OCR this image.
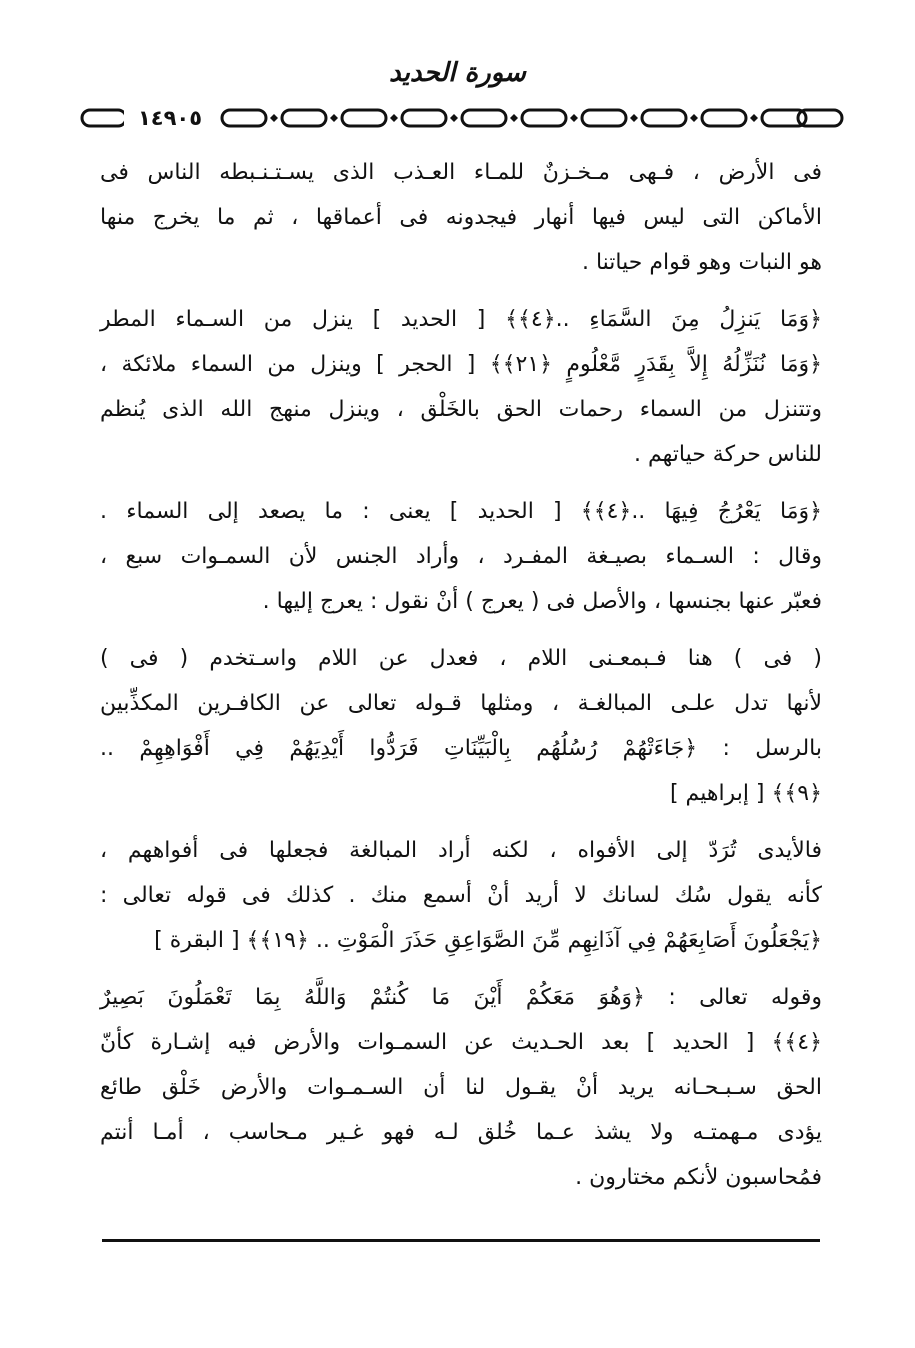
سورة الحديد
١٤٩٠٥

فى الأرض ، فـهى مـخـزنٌ للمـاء العـذب الذى يسـتـنـبطه الناس فى
الأماكن التى ليس فيها أنهار فيجدونه فى أعماقها ، ثم ما يخرج منها
هو النبات وهو قوام حياتنا .

﴿وَمَا يَنزِلُ مِنَ السَّمَاءِ ..﴿٤﴾﴾ [ الحديد ] ينزل من السـماء المطر
﴿وَمَا نُنَزِّلُهُ إِلاَّ بِقَدَرٍ مَّعْلُومٍ ﴿٢١﴾﴾ [ الحجر ] وينزل من السماء ملائكة ،
وتتنزل من السماء رحمات الحق بالخَلْق ، وينزل منهج الله الذى يُنظم
للناس حركة حياتهم .

﴿وَمَا يَعْرُجُ فِيهَا ..﴿٤﴾﴾ [ الحديد ] يعنى : ما يصعد إلى السماء .
وقال : السـماء بصيـغة المفـرد ، وأراد الجنس لأن السمـوات سبع ،
فعبّر عنها بجنسها ، والأصل فى ( يعرج ) أنْ نقول : يعرج إليها .

( فى ) هنا فـبمعـنى اللام ، فعدل عن اللام واسـتخدم ( فى )
لأنها تدل علـى المبالغـة ، ومثلها قـوله تعالى عن الكافـرين المكذِّبين
بالرسل : ﴿جَاءَتْهُمْ رُسُلُهُم بِالْبَيِّنَاتِ فَرَدُّوا أَيْدِيَهُمْ فِي أَفْوَاهِهِمْ ..
﴿٩﴾﴾ [ إبراهيم ]

فالأيدى تُرَدّ إلى الأفواه ، لكنه أراد المبالغة فجعلها فى أفواههم ،
كأنه يقول سُك لسانك لا أريد أنْ أسمع منك . كذلك فى قوله تعالى :
﴿يَجْعَلُونَ أَصَابِعَهُمْ فِي آذَانِهِم مِّنَ الصَّوَاعِقِ حَذَرَ الْمَوْتِ .. ﴿١٩﴾﴾ [ البقرة ]

وقوله تعالى : ﴿وَهُوَ مَعَكُمْ أَيْنَ مَا كُنتُمْ وَاللَّهُ بِمَا تَعْمَلُونَ بَصِيرٌ
﴿٤﴾﴾ [ الحديد ] بعد الحـديث عن السمـوات والأرض فيه إشـارة كأنّ
الحق سـبـحـانه يريد أنْ يقـول لنا أن السـمـوات والأرض خَلْق طائع
يؤدى مـهمتـه ولا يشذ عـما خُلق لـه فهو غـير مـحاسب ، أمـا أنتم
فمُحاسبون لأنكم مختارون .
